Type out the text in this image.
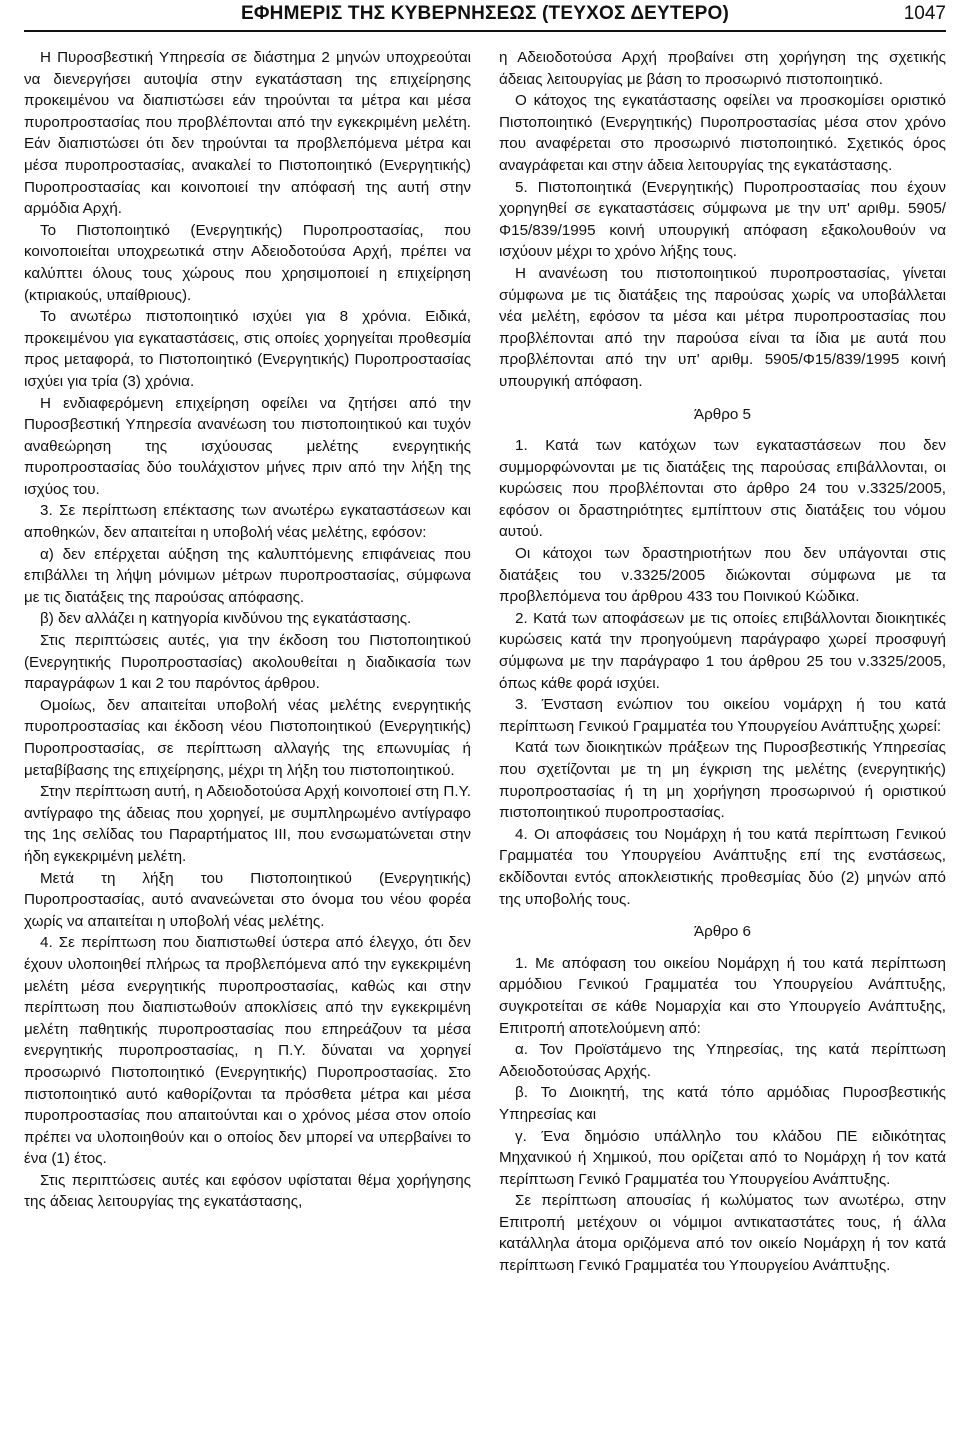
ΕΦΗΜΕΡΙΣ ΤΗΣ ΚΥΒΕΡΝΗΣΕΩΣ (ΤΕΥΧΟΣ ΔΕΥΤΕΡΟ)	1047

Η Πυροσβεστική Υπηρεσία σε διάστημα 2 μηνών υποχρεούται να διενεργήσει αυτοψία στην εγκατάσταση της επιχείρησης προκειμένου να διαπιστώσει εάν τηρούνται τα μέτρα και μέσα πυροπροστασίας που προβλέπονται από την εγκεκριμένη μελέτη. Εάν διαπιστώσει ότι δεν τηρούνται τα προβλεπόμενα μέτρα και μέσα πυροπροστασίας, ανακαλεί το Πιστοποιητικό (Ενεργητικής) Πυροπροστασίας και κοινοποιεί την απόφασή της αυτή στην αρμόδια Αρχή.

Το Πιστοποιητικό (Ενεργητικής) Πυροπροστασίας, που κοινοποιείται υποχρεωτικά στην Αδειοδοτούσα Αρχή, πρέπει να καλύπτει όλους τους χώρους που χρησιμοποιεί η επιχείρηση (κτιριακούς, υπαίθριους).

Το ανωτέρω πιστοποιητικό ισχύει για 8 χρόνια. Ειδικά, προκειμένου για εγκαταστάσεις, στις οποίες χορηγείται προθεσμία προς μεταφορά, το Πιστοποιητικό (Ενεργητικής) Πυροπροστασίας ισχύει για τρία (3) χρόνια.

Η ενδιαφερόμενη επιχείρηση οφείλει να ζητήσει από την Πυροσβεστική Υπηρεσία ανανέωση του πιστοποιητικού και τυχόν αναθεώρηση της ισχύουσας μελέτης ενεργητικής πυροπροστασίας δύο τουλάχιστον μήνες πριν από την λήξη της ισχύος του.

3. Σε περίπτωση επέκτασης των ανωτέρω εγκαταστάσεων και αποθηκών, δεν απαιτείται η υποβολή νέας μελέτης, εφόσον:

α) δεν επέρχεται αύξηση της καλυπτόμενης επιφάνειας που επιβάλλει τη λήψη μόνιμων μέτρων πυροπροστασίας, σύμφωνα με τις διατάξεις της παρούσας απόφασης.

β) δεν αλλάζει η κατηγορία κινδύνου της εγκατάστασης.

Στις περιπτώσεις αυτές, για την έκδοση του Πιστοποιητικού (Ενεργητικής Πυροπροστασίας) ακολουθείται η διαδικασία των παραγράφων 1 και 2 του παρόντος άρθρου.

Ομοίως, δεν απαιτείται υποβολή νέας μελέτης ενεργητικής πυροπροστασίας και έκδοση νέου Πιστοποιητικού (Ενεργητικής) Πυροπροστασίας, σε περίπτωση αλλαγής της επωνυμίας ή μεταβίβασης της επιχείρησης, μέχρι τη λήξη του πιστοποιητικού.

Στην περίπτωση αυτή, η Αδειοδοτούσα Αρχή κοινοποιεί στη Π.Υ. αντίγραφο της άδειας που χορηγεί, με συμπληρωμένο αντίγραφο της 1ης σελίδας του Παραρτήματος ΙΙΙ, που ενσωματώνεται στην ήδη εγκεκριμένη μελέτη.

Μετά τη λήξη του Πιστοποιητικού (Ενεργητικής) Πυροπροστασίας, αυτό ανανεώνεται στο όνομα του νέου φορέα χωρίς να απαιτείται η υποβολή νέας μελέτης.

4. Σε περίπτωση που διαπιστωθεί ύστερα από έλεγχο, ότι δεν έχουν υλοποιηθεί πλήρως τα προβλεπόμενα από την εγκεκριμένη μελέτη μέσα ενεργητικής πυροπροστασίας, καθώς και στην περίπτωση που διαπιστωθούν αποκλίσεις από την εγκεκριμένη μελέτη παθητικής πυροπροστασίας που επηρεάζουν τα μέσα ενεργητικής πυροπροστασίας, η Π.Υ. δύναται να χορηγεί προσωρινό Πιστοποιητικό (Ενεργητικής) Πυροπροστασίας. Στο πιστοποιητικό αυτό καθορίζονται τα πρόσθετα μέτρα και μέσα πυροπροστασίας που απαιτούνται και ο χρόνος μέσα στον οποίο πρέπει να υλοποιηθούν και ο οποίος δεν μπορεί να υπερβαίνει το ένα (1) έτος.

Στις περιπτώσεις αυτές και εφόσον υφίσταται θέμα χορήγησης της άδειας λειτουργίας της εγκατάστασης,

η Αδειοδοτούσα Αρχή προβαίνει στη χορήγηση της σχετικής άδειας λειτουργίας με βάση το προσωρινό πιστοποιητικό.

Ο κάτοχος της εγκατάστασης οφείλει να προσκομίσει οριστικό Πιστοποιητικό (Ενεργητικής) Πυροπροστασίας μέσα στον χρόνο που αναφέρεται στο προσωρινό πιστοποιητικό. Σχετικός όρος αναγράφεται και στην άδεια λειτουργίας της εγκατάστασης.

5. Πιστοποιητικά (Ενεργητικής) Πυροπροστασίας που έχουν χορηγηθεί σε εγκαταστάσεις σύμφωνα με την υπ' αριθμ. 5905/Φ15/839/1995 κοινή υπουργική απόφαση εξακολουθούν να ισχύουν μέχρι το χρόνο λήξης τους.

Η ανανέωση του πιστοποιητικού πυροπροστασίας, γίνεται σύμφωνα με τις διατάξεις της παρούσας χωρίς να υποβάλλεται νέα μελέτη, εφόσον τα μέσα και μέτρα πυροπροστασίας που προβλέπονται από την παρούσα είναι τα ίδια με αυτά που προβλέπονται από την υπ' αριθμ. 5905/Φ15/839/1995 κοινή υπουργική απόφαση.

Άρθρο 5

1. Κατά των κατόχων των εγκαταστάσεων που δεν συμμορφώνονται με τις διατάξεις της παρούσας επιβάλλονται, οι κυρώσεις που προβλέπονται στο άρθρο 24 του ν.3325/2005, εφόσον οι δραστηριότητες εμπίπτουν στις διατάξεις του νόμου αυτού.

Οι κάτοχοι των δραστηριοτήτων που δεν υπάγονται στις διατάξεις του ν.3325/2005 διώκονται σύμφωνα με τα προβλεπόμενα του άρθρου 433 του Ποινικού Κώδικα.

2. Κατά των αποφάσεων με τις οποίες επιβάλλονται διοικητικές κυρώσεις κατά την προηγούμενη παράγραφο χωρεί προσφυγή σύμφωνα με την παράγραφο 1 του άρθρου 25 του ν.3325/2005, όπως κάθε φορά ισχύει.

3. Ένσταση ενώπιον του οικείου νομάρχη ή του κατά περίπτωση Γενικού Γραμματέα του Υπουργείου Ανάπτυξης χωρεί:

Κατά των διοικητικών πράξεων της Πυροσβεστικής Υπηρεσίας που σχετίζονται με τη μη έγκριση της μελέτης (ενεργητικής) πυροπροστασίας ή τη μη χορήγηση προσωρινού ή οριστικού πιστοποιητικού πυροπροστασίας.

4. Οι αποφάσεις του Νομάρχη ή του κατά περίπτωση Γενικού Γραμματέα του Υπουργείου Ανάπτυξης επί της ενστάσεως, εκδίδονται εντός αποκλειστικής προθεσμίας δύο (2) μηνών από της υποβολής τους.

Άρθρο 6

1. Με απόφαση του οικείου Νομάρχη ή του κατά περίπτωση αρμόδιου Γενικού Γραμματέα του Υπουργείου Ανάπτυξης, συγκροτείται σε κάθε Νομαρχία και στο Υπουργείο Ανάπτυξης, Επιτροπή αποτελούμενη από:

α. Τον Προϊστάμενο της Υπηρεσίας, της κατά περίπτωση Αδειοδοτούσας Αρχής.

β. Το Διοικητή, της κατά τόπο αρμόδιας Πυροσβεστικής Υπηρεσίας και

γ. Ένα δημόσιο υπάλληλο του κλάδου ΠΕ ειδικότητας Μηχανικού ή Χημικού, που ορίζεται από το Νομάρχη ή τον κατά περίπτωση Γενικό Γραμματέα του Υπουργείου Ανάπτυξης.

Σε περίπτωση απουσίας ή κωλύματος των ανωτέρω, στην Επιτροπή μετέχουν οι νόμιμοι αντικαταστάτες τους, ή άλλα κατάλληλα άτομα οριζόμενα από τον οικείο Νομάρχη ή τον κατά περίπτωση Γενικό Γραμματέα του Υπουργείου Ανάπτυξης.
